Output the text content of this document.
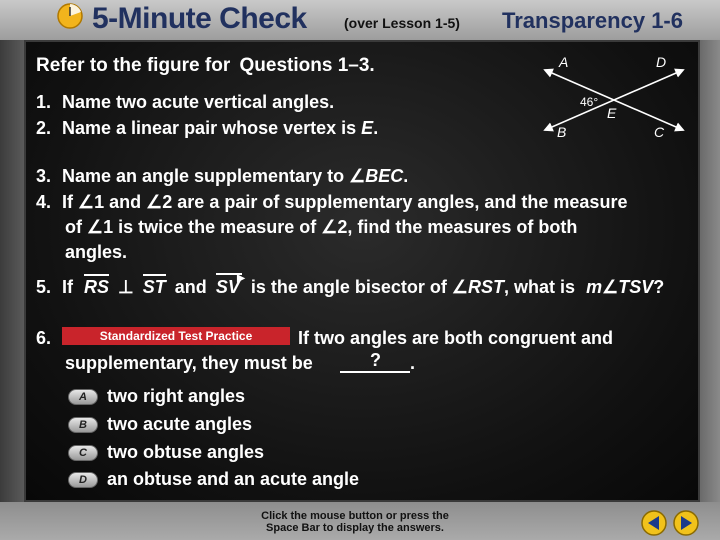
5-Minute Check	(over Lesson 1-5) Transparency 1-6
Refer to the figure for Questions 1–3.	A	D
E
B	C
46°
1. Name two acute vertical angles.
2. Name a linear pair whose vertex is E.
3. Name an angle supplementary to ∠BEC.
4. If ∠1 and ∠2 are a pair of supplementary angles, and the measure
of ∠1 is twice the measure of ∠2, find the measures of both
angles.
5. If RS ⊥ ST and	▶
SV is the angle bisector of ∠RST, what is m∠TSV?
6.	Standardized Test Practice	If two angles are both congruent and
supplementary, they must be	? .
A	two right angles
B	two acute angles
C	two obtuse angles
D	an obtuse and an acute angle
Click the mouse button or press the
Space Bar to display the answers.
